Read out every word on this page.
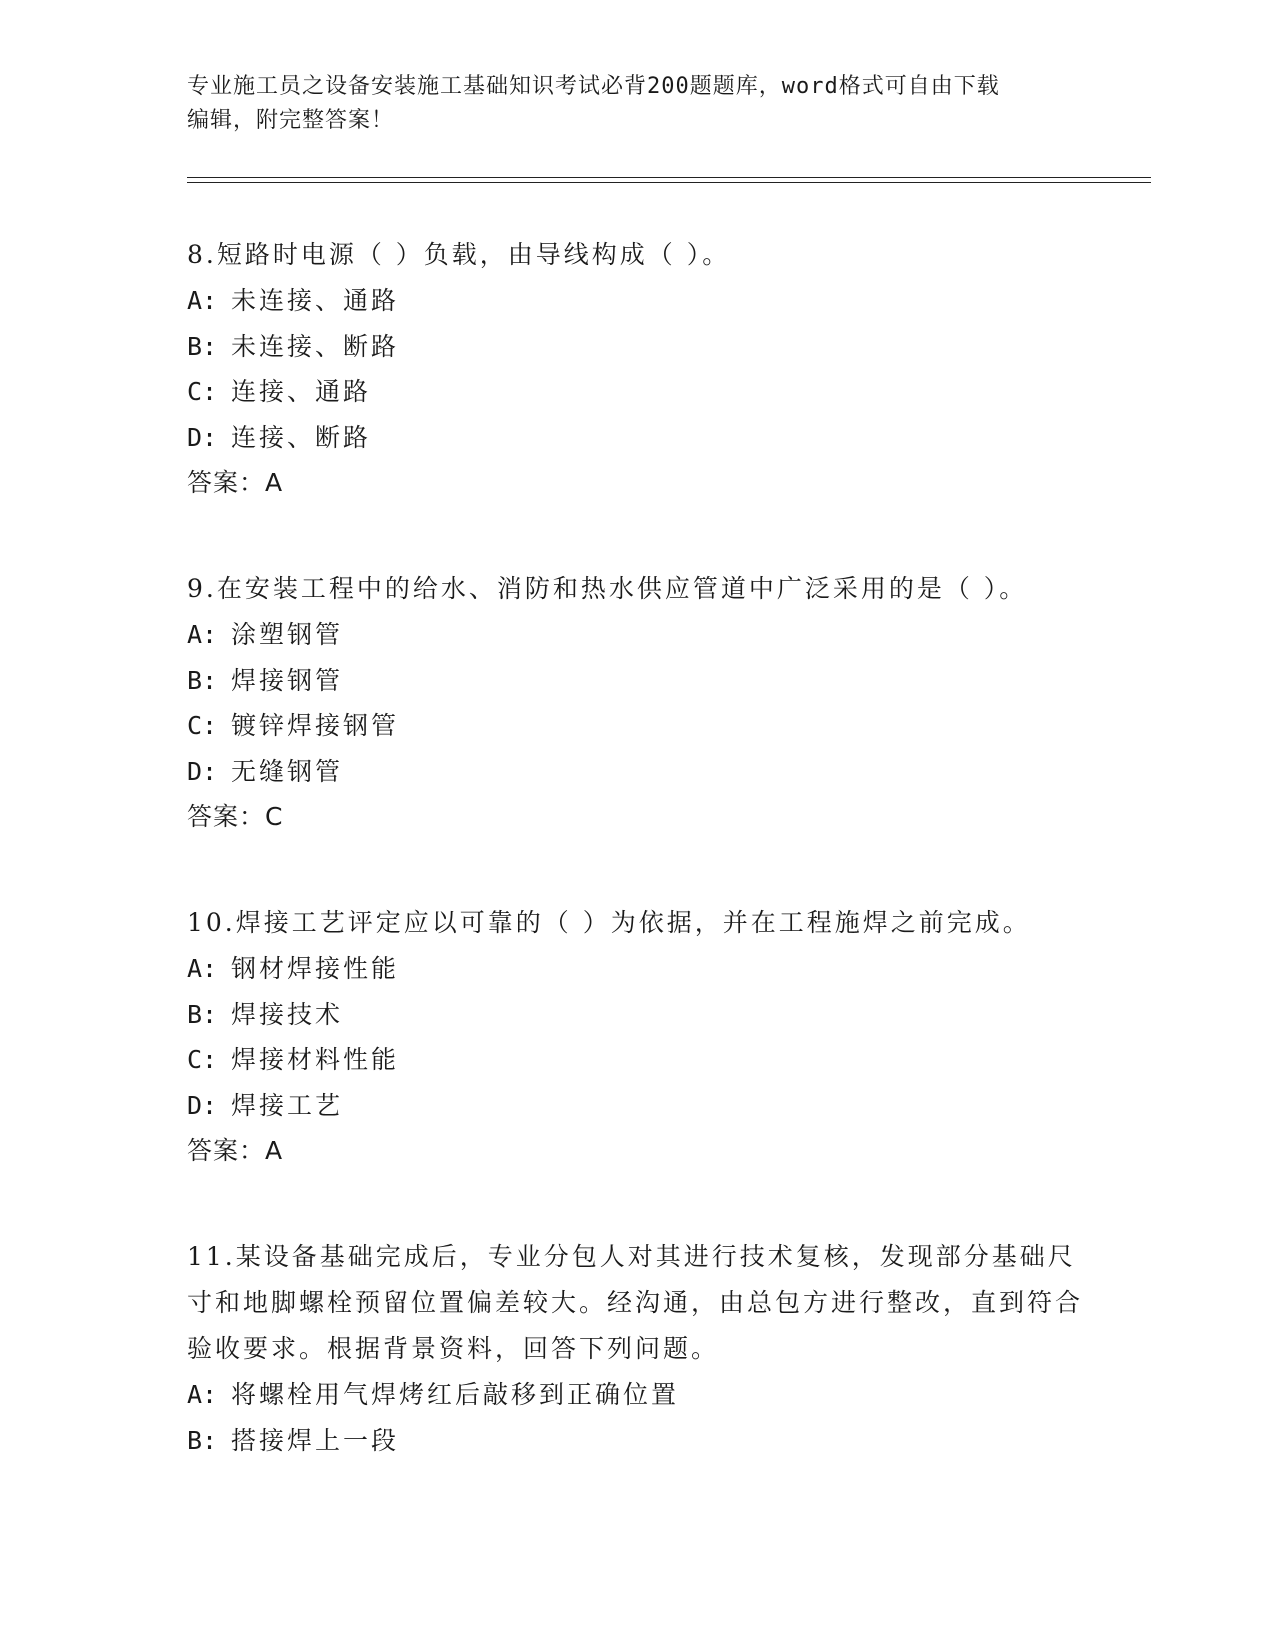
专业施工员之设备安装施工基础知识考试必背200题题库，word格式可自由下载
编辑，附完整答案！

8.短路时电源（ ）负载，由导线构成（ ）。

A: 未连接、通路

B: 未连接、断路

C: 连接、通路

D: 连接、断路

答案：A

9.在安装工程中的给水、消防和热水供应管道中广泛采用的是（ ）。

A: 涂塑钢管

B: 焊接钢管

C: 镀锌焊接钢管

D: 无缝钢管

答案：C

10.焊接工艺评定应以可靠的（ ）为依据，并在工程施焊之前完成。

A: 钢材焊接性能

B: 焊接技术

C: 焊接材料性能

D: 焊接工艺

答案：A

11.某设备基础完成后，专业分包人对其进行技术复核，发现部分基础尺寸和地脚螺栓预留位置偏差较大。经沟通，由总包方进行整改，直到符合验收要求。根据背景资料，回答下列问题。

A: 将螺栓用气焊烤红后敲移到正确位置

B: 搭接焊上一段
